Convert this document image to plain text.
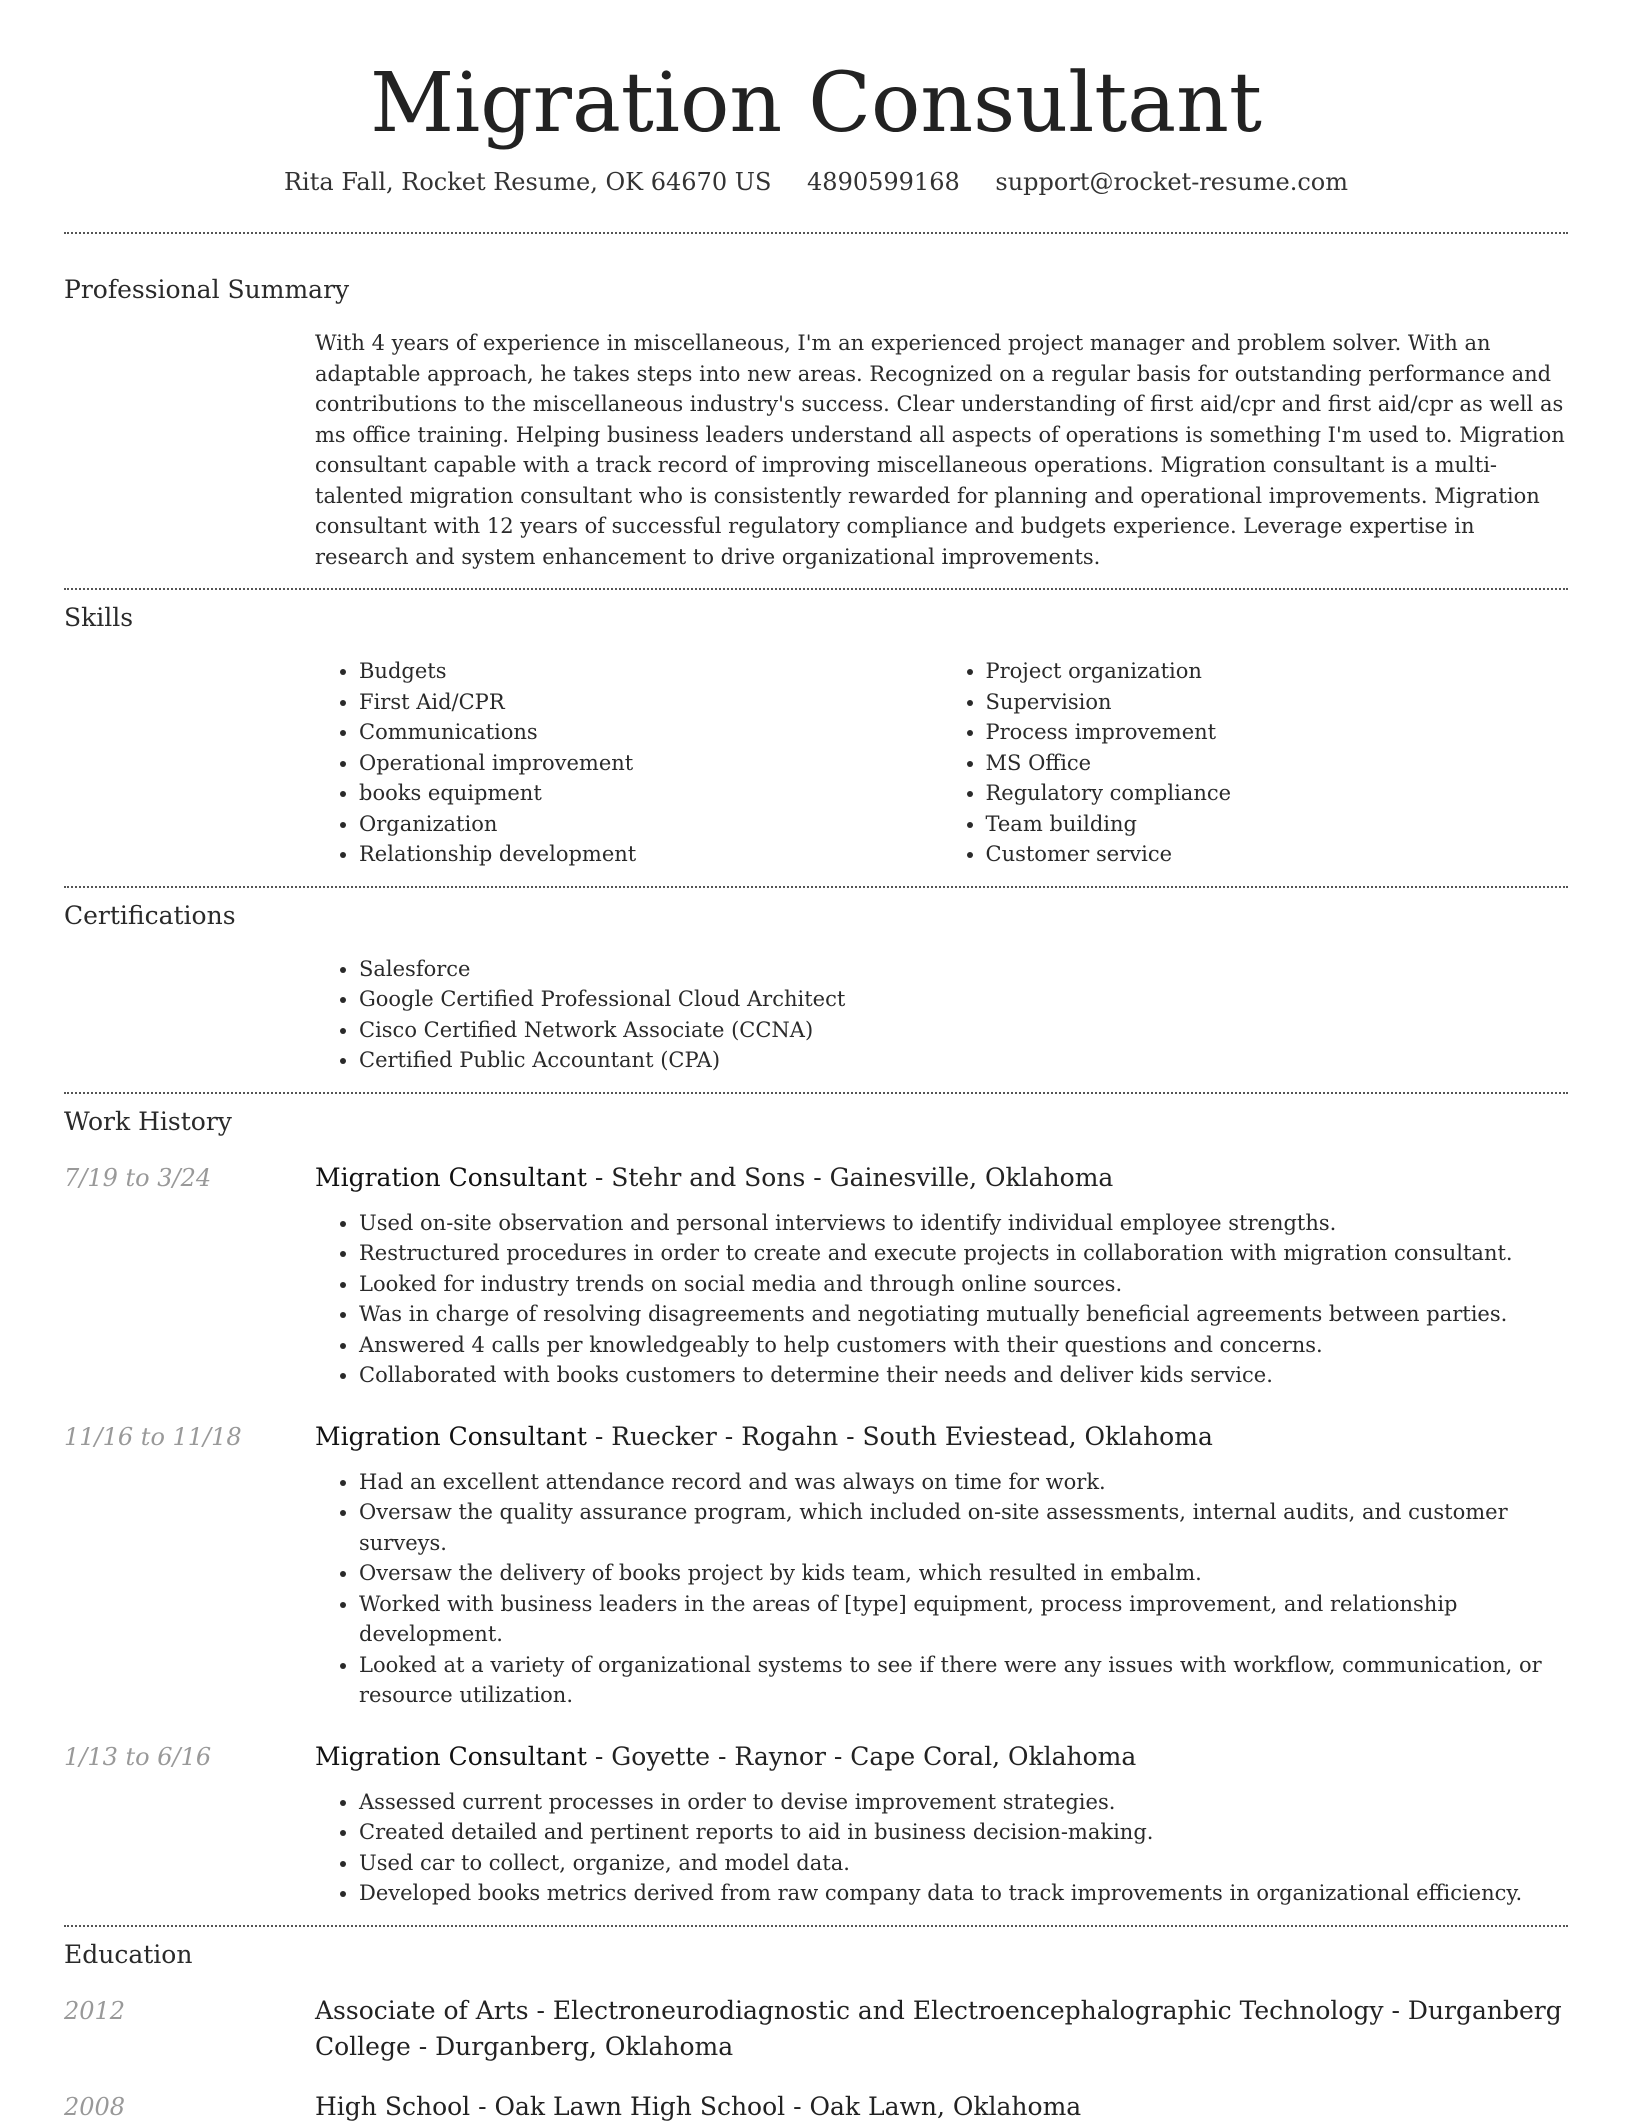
Migration Consultant
Rita Fall, Rocket Resume, OK 64670 US 4890599168 support@rocket-resume.com
Professional Summary

With 4 years of experience in miscellaneous, I'm an experienced project manager and problem solver. With an adaptable approach, he takes steps into new areas. Recognized on a regular basis for outstanding performance and contributions to the miscellaneous industry's success. Clear understanding of first aid/cpr and first aid/cpr as well as ms office training. Helping business leaders understand all aspects of operations is something I'm used to. Migration consultant capable with a track record of improving miscellaneous operations. Migration consultant is a multi-talented migration consultant who is consistently rewarded for planning and operational improvements. Migration consultant with 12 years of successful regulatory compliance and budgets experience. Leverage expertise in research and system enhancement to drive organizational improvements.

Skills
• Budgets
• First Aid/CPR
• Communications
• Operational improvement
• books equipment
• Organization
• Relationship development
• Project organization
• Supervision
• Process improvement
• MS Office
• Regulatory compliance
• Team building
• Customer service
Certifications
• Salesforce
• Google Certified Professional Cloud Architect
• Cisco Certified Network Associate (CCNA)
• Certified Public Accountant (CPA)
Work History
7/19 to 3/24	Migration Consultant - Stehr and Sons - Gainesville, Oklahoma
• Used on-site observation and personal interviews to identify individual employee strengths.
• Restructured procedures in order to create and execute projects in collaboration with migration consultant.
• Looked for industry trends on social media and through online sources.
• Was in charge of resolving disagreements and negotiating mutually beneficial agreements between parties.
• Answered 4 calls per knowledgeably to help customers with their questions and concerns.
• Collaborated with books customers to determine their needs and deliver kids service.
11/16 to 11/18	Migration Consultant - Ruecker - Rogahn - South Eviestead, Oklahoma
• Had an excellent attendance record and was always on time for work.
• Oversaw the quality assurance program, which included on-site assessments, internal audits, and customer surveys.
• Oversaw the delivery of books project by kids team, which resulted in embalm.
• Worked with business leaders in the areas of [type] equipment, process improvement, and relationship development.
• Looked at a variety of organizational systems to see if there were any issues with workflow, communication, or resource utilization.
1/13 to 6/16	Migration Consultant - Goyette - Raynor - Cape Coral, Oklahoma
• Assessed current processes in order to devise improvement strategies.
• Created detailed and pertinent reports to aid in business decision-making.
• Used car to collect, organize, and model data.
• Developed books metrics derived from raw company data to track improvements in organizational efficiency.
Education
2012	Associate of Arts - Electroneurodiagnostic and Electroencephalographic Technology - Durganberg College - Durganberg, Oklahoma
2008	High School - Oak Lawn High School - Oak Lawn, Oklahoma
